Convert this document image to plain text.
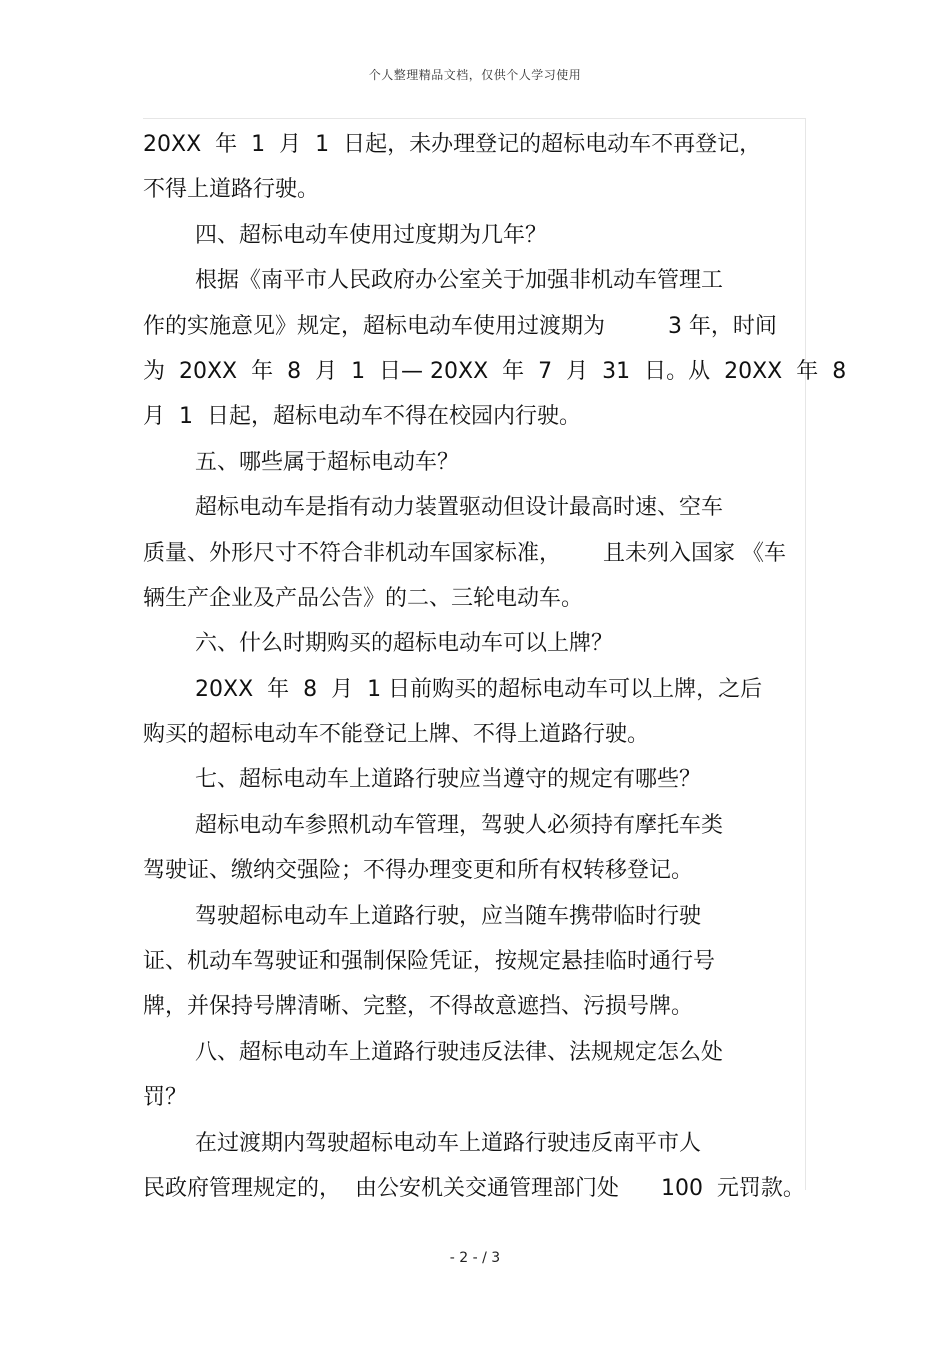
个人整理精品文档，仅供个人学习使用
20XX  年  1  月  1  日起，未办理登记的超标电动车不再登记，
不得上道路行驶。
四、超标电动车使用过度期为几年？
根据《南平市人民政府办公室关于加强非机动车管理工
作的实施意见》规定，超标电动车使用过渡期为         3 年，时间
为  20XX  年  8  月  1  日— 20XX  年  7  月  31  日。从  20XX  年  8
月  1  日起，超标电动车不得在校园内行驶。
五、哪些属于超标电动车？
超标电动车是指有动力装置驱动但设计最高时速、空车
质量、外形尺寸不符合非机动车国家标准，      且未列入国家 《车
辆生产企业及产品公告》的二、三轮电动车。
六、什么时期购买的超标电动车可以上牌？
20XX  年  8  月  1 日前购买的超标电动车可以上牌，之后
购买的超标电动车不能登记上牌、不得上道路行驶。
七、超标电动车上道路行驶应当遵守的规定有哪些？
超标电动车参照机动车管理，驾驶人必须持有摩托车类
驾驶证、缴纳交强险；不得办理变更和所有权转移登记。
驾驶超标电动车上道路行驶，应当随车携带临时行驶
证、机动车驾驶证和强制保险凭证，按规定悬挂临时通行号
牌，并保持号牌清晰、完整，不得故意遮挡、污损号牌。
八、超标电动车上道路行驶违反法律、法规规定怎么处
罚？
在过渡期内驾驶超标电动车上道路行驶违反南平市人
民政府管理规定的，  由公安机关交通管理部门处      100  元罚款。
- 2 - / 3
